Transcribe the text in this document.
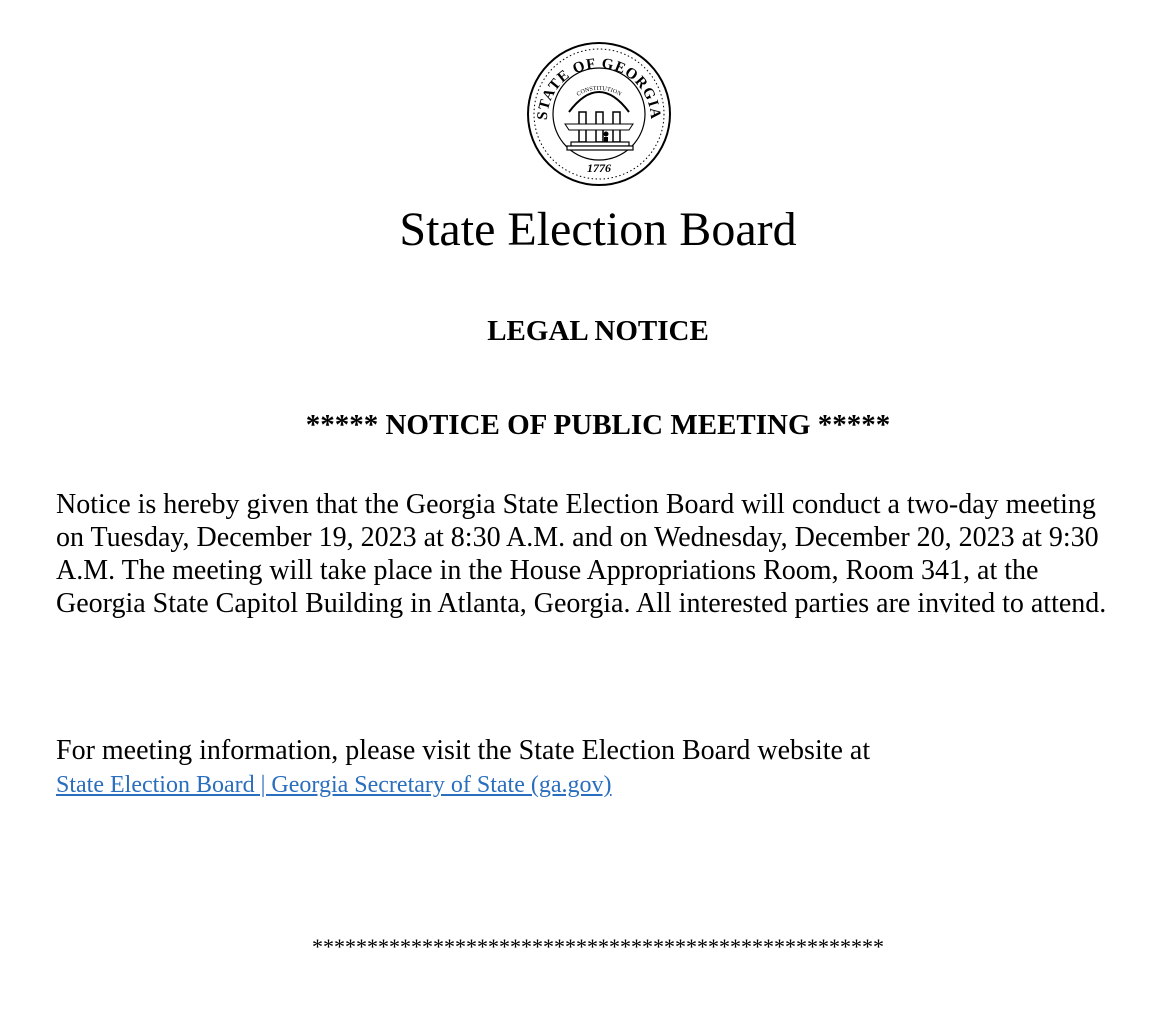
STATE OF GEORGIA
CONSTITUTION
1776
State Election Board
LEGAL NOTICE
***** NOTICE OF PUBLIC MEETING *****

Notice is hereby given that the Georgia State Election Board will conduct a two-day meeting on Tuesday, December 19, 2023 at 8:30 A.M. and on Wednesday, December 20, 2023 at 9:30 A.M. The meeting will take place in the House Appropriations Room, Room 341, at the Georgia State Capitol Building in Atlanta, Georgia. All interested parties are invited to attend.

For meeting information, please visit the State Election Board website at State Election Board | Georgia Secretary of State (ga.gov)

****************************************************
